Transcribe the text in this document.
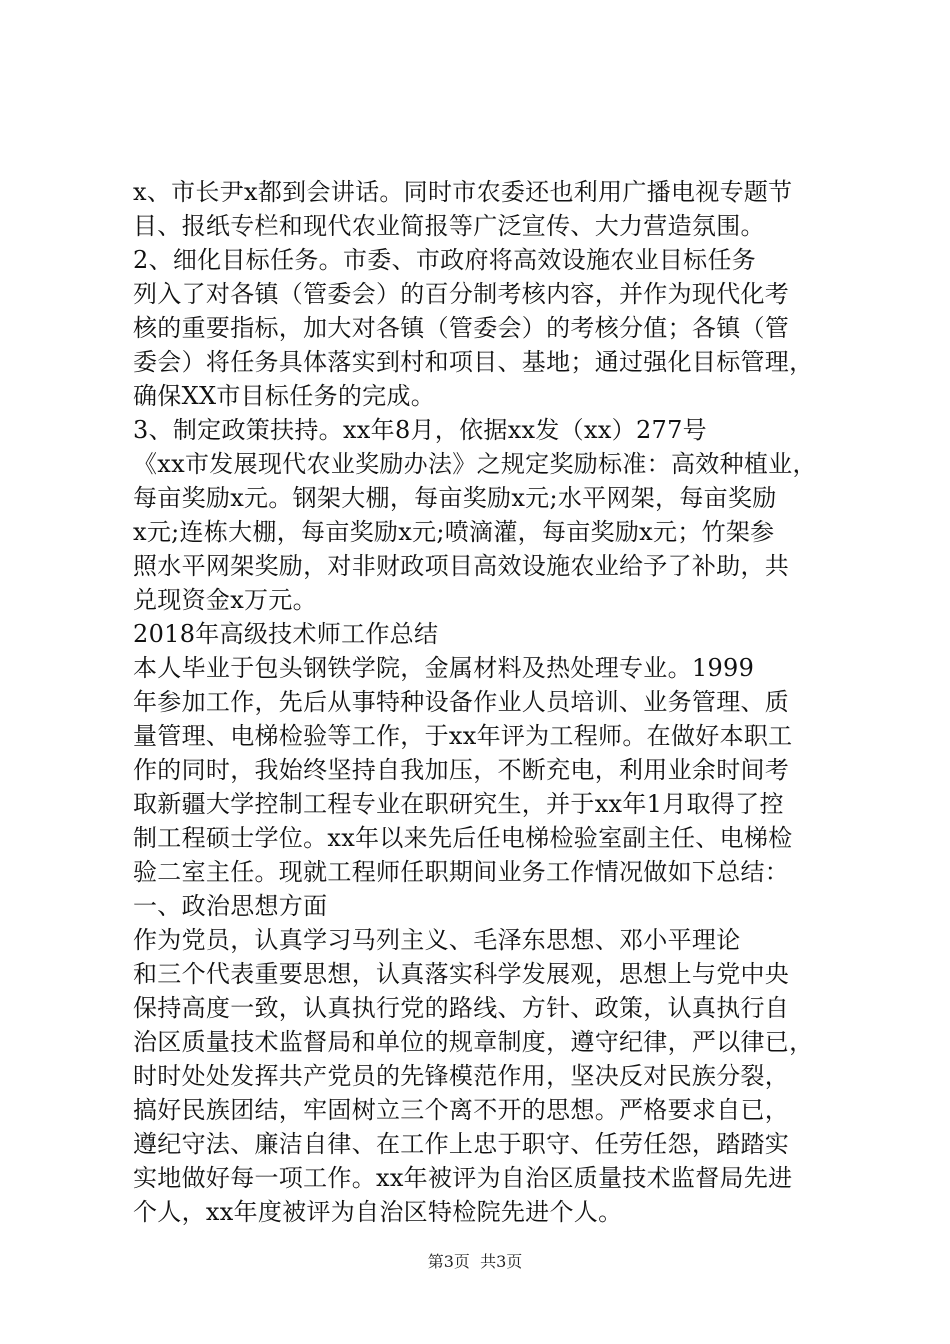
x、市长尹x都到会讲话。同时市农委还也利用广播电视专题节
目、报纸专栏和现代农业简报等广泛宣传、大力营造氛围。
2、细化目标任务。市委、市政府将高效设施农业目标任务
列入了对各镇（管委会）的百分制考核内容，并作为现代化考
核的重要指标，加大对各镇（管委会）的考核分值；各镇（管
委会）将任务具体落实到村和项目、基地；通过强化目标管理，
确保XX市目标任务的完成。
3、制定政策扶持。xx年8月，依据xx发（xx）277号
《xx市发展现代农业奖励办法》之规定奖励标准：高效种植业，
每亩奖励x元。钢架大棚，每亩奖励x元;水平网架，每亩奖励
x元;连栋大棚，每亩奖励x元;喷滴灌，每亩奖励x元；竹架参
照水平网架奖励，对非财政项目高效设施农业给予了补助，共
兑现资金x万元。
2018年高级技术师工作总结
本人毕业于包头钢铁学院，金属材料及热处理专业。1999
年参加工作，先后从事特种设备作业人员培训、业务管理、质
量管理、电梯检验等工作，于xx年评为工程师。在做好本职工
作的同时，我始终坚持自我加压，不断充电，利用业余时间考
取新疆大学控制工程专业在职研究生，并于xx年1月取得了控
制工程硕士学位。xx年以来先后任电梯检验室副主任、电梯检
验二室主任。现就工程师任职期间业务工作情况做如下总结：
一、政治思想方面
作为党员，认真学习马列主义、毛泽东思想、邓小平理论
和三个代表重要思想，认真落实科学发展观，思想上与党中央
保持高度一致，认真执行党的路线、方针、政策，认真执行自
治区质量技术监督局和单位的规章制度，遵守纪律，严以律已，
时时处处发挥共产党员的先锋模范作用，坚决反对民族分裂，
搞好民族团结，牢固树立三个离不开的思想。严格要求自已，
遵纪守法、廉洁自律、在工作上忠于职守、任劳任怨，踏踏实
实地做好每一项工作。xx年被评为自治区质量技术监督局先进
个人，xx年度被评为自治区特检院先进个人。
第3页  共3页
